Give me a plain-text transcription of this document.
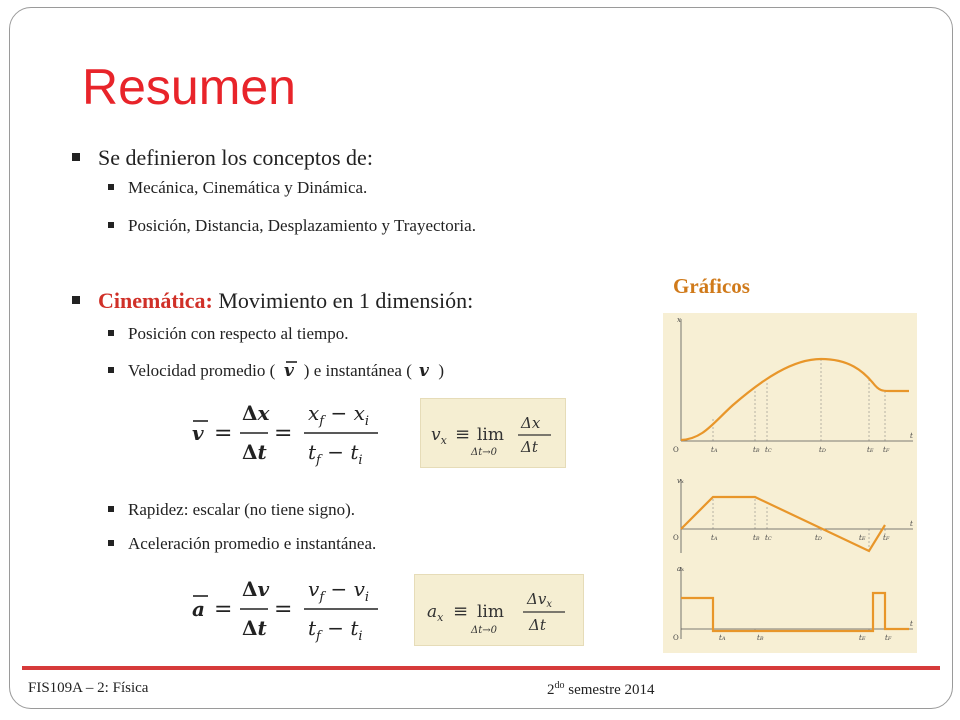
Resumen
Se definieron los conceptos de:
Mecánica, Cinemática y Dinámica.
Posición, Distancia, Desplazamiento y Trayectoria.
Cinemática: Movimiento en 1 dimensión:
Posición con respecto al tiempo.
Velocidad promedio ( v ) e instantánea ( v )
v =
Δx
Δt
=
$x_f - x_i$
$t_f - t_i$
$v_x \equiv \lim$
Δt→0
Δx
Δt
Rapidez: escalar (no tiene signo).
Aceleración promedio e instantánea.
a =
Δv
Δt
=
$v_f - v_i$
$t_f - t_i$
$a_x \equiv \lim$
Δt→0
$\Delta v_x$
Δt
Gráficos
x
t
O	tA	tB tC	tD	tE tF
vx
t
O	tA	tB tC	tD	tE	tF
ax
t
O	tA	tB	tE	tF
FIS109A – 2: Física	$2^{do}$ semestre 2014
